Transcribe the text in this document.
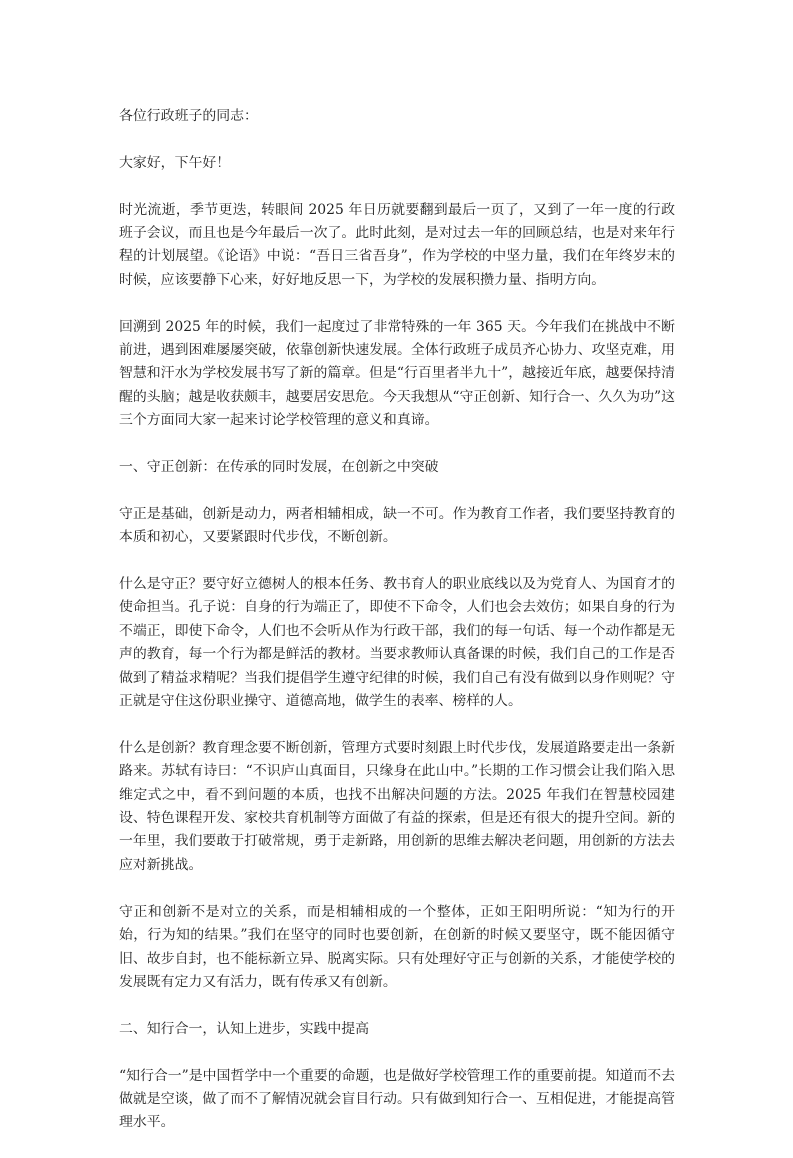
各位行政班子的同志：

大家好，下午好！

时光流逝，季节更迭，转眼间 2025 年日历就要翻到最后一页了，又到了一年一度的行政班子会议，而且也是今年最后一次了。此时此刻，是对过去一年的回顾总结，也是对来年行程的计划展望。《论语》中说：“吾日三省吾身”，作为学校的中坚力量，我们在年终岁末的时候，应该要静下心来，好好地反思一下，为学校的发展积攒力量、指明方向。

回溯到 2025 年的时候，我们一起度过了非常特殊的一年 365 天。今年我们在挑战中不断前进，遇到困难屡屡突破，依靠创新快速发展。全体行政班子成员齐心协力、攻坚克难，用智慧和汗水为学校发展书写了新的篇章。但是“行百里者半九十”，越接近年底，越要保持清醒的头脑；越是收获颇丰，越要居安思危。今天我想从“守正创新、知行合一、久久为功”这三个方面同大家一起来讨论学校管理的意义和真谛。

一、守正创新：在传承的同时发展，在创新之中突破

守正是基础，创新是动力，两者相辅相成，缺一不可。作为教育工作者，我们要坚持教育的本质和初心，又要紧跟时代步伐，不断创新。

什么是守正？要守好立德树人的根本任务、教书育人的职业底线以及为党育人、为国育才的使命担当。孔子说：自身的行为端正了，即使不下命令，人们也会去效仿；如果自身的行为不端正，即使下命令，人们也不会听从作为行政干部，我们的每一句话、每一个动作都是无声的教育，每一个行为都是鲜活的教材。当要求教师认真备课的时候，我们自己的工作是否做到了精益求精呢？当我们提倡学生遵守纪律的时候，我们自己有没有做到以身作则呢？守正就是守住这份职业操守、道德高地，做学生的表率、榜样的人。

什么是创新？教育理念要不断创新，管理方式要时刻跟上时代步伐，发展道路要走出一条新路来。苏轼有诗曰：“不识庐山真面目，只缘身在此山中。”长期的工作习惯会让我们陷入思维定式之中，看不到问题的本质，也找不出解决问题的方法。2025 年我们在智慧校园建设、特色课程开发、家校共育机制等方面做了有益的探索，但是还有很大的提升空间。新的一年里，我们要敢于打破常规，勇于走新路，用创新的思维去解决老问题，用创新的方法去应对新挑战。

守正和创新不是对立的关系，而是相辅相成的一个整体，正如王阳明所说：“知为行的开始，行为知的结果。”我们在坚守的同时也要创新，在创新的时候又要坚守，既不能因循守旧、故步自封，也不能标新立异、脱离实际。只有处理好守正与创新的关系，才能使学校的发展既有定力又有活力，既有传承又有创新。

二、知行合一，认知上进步，实践中提高

“知行合一”是中国哲学中一个重要的命题，也是做好学校管理工作的重要前提。知道而不去做就是空谈，做了而不了解情况就会盲目行动。只有做到知行合一、互相促进，才能提高管理水平。
